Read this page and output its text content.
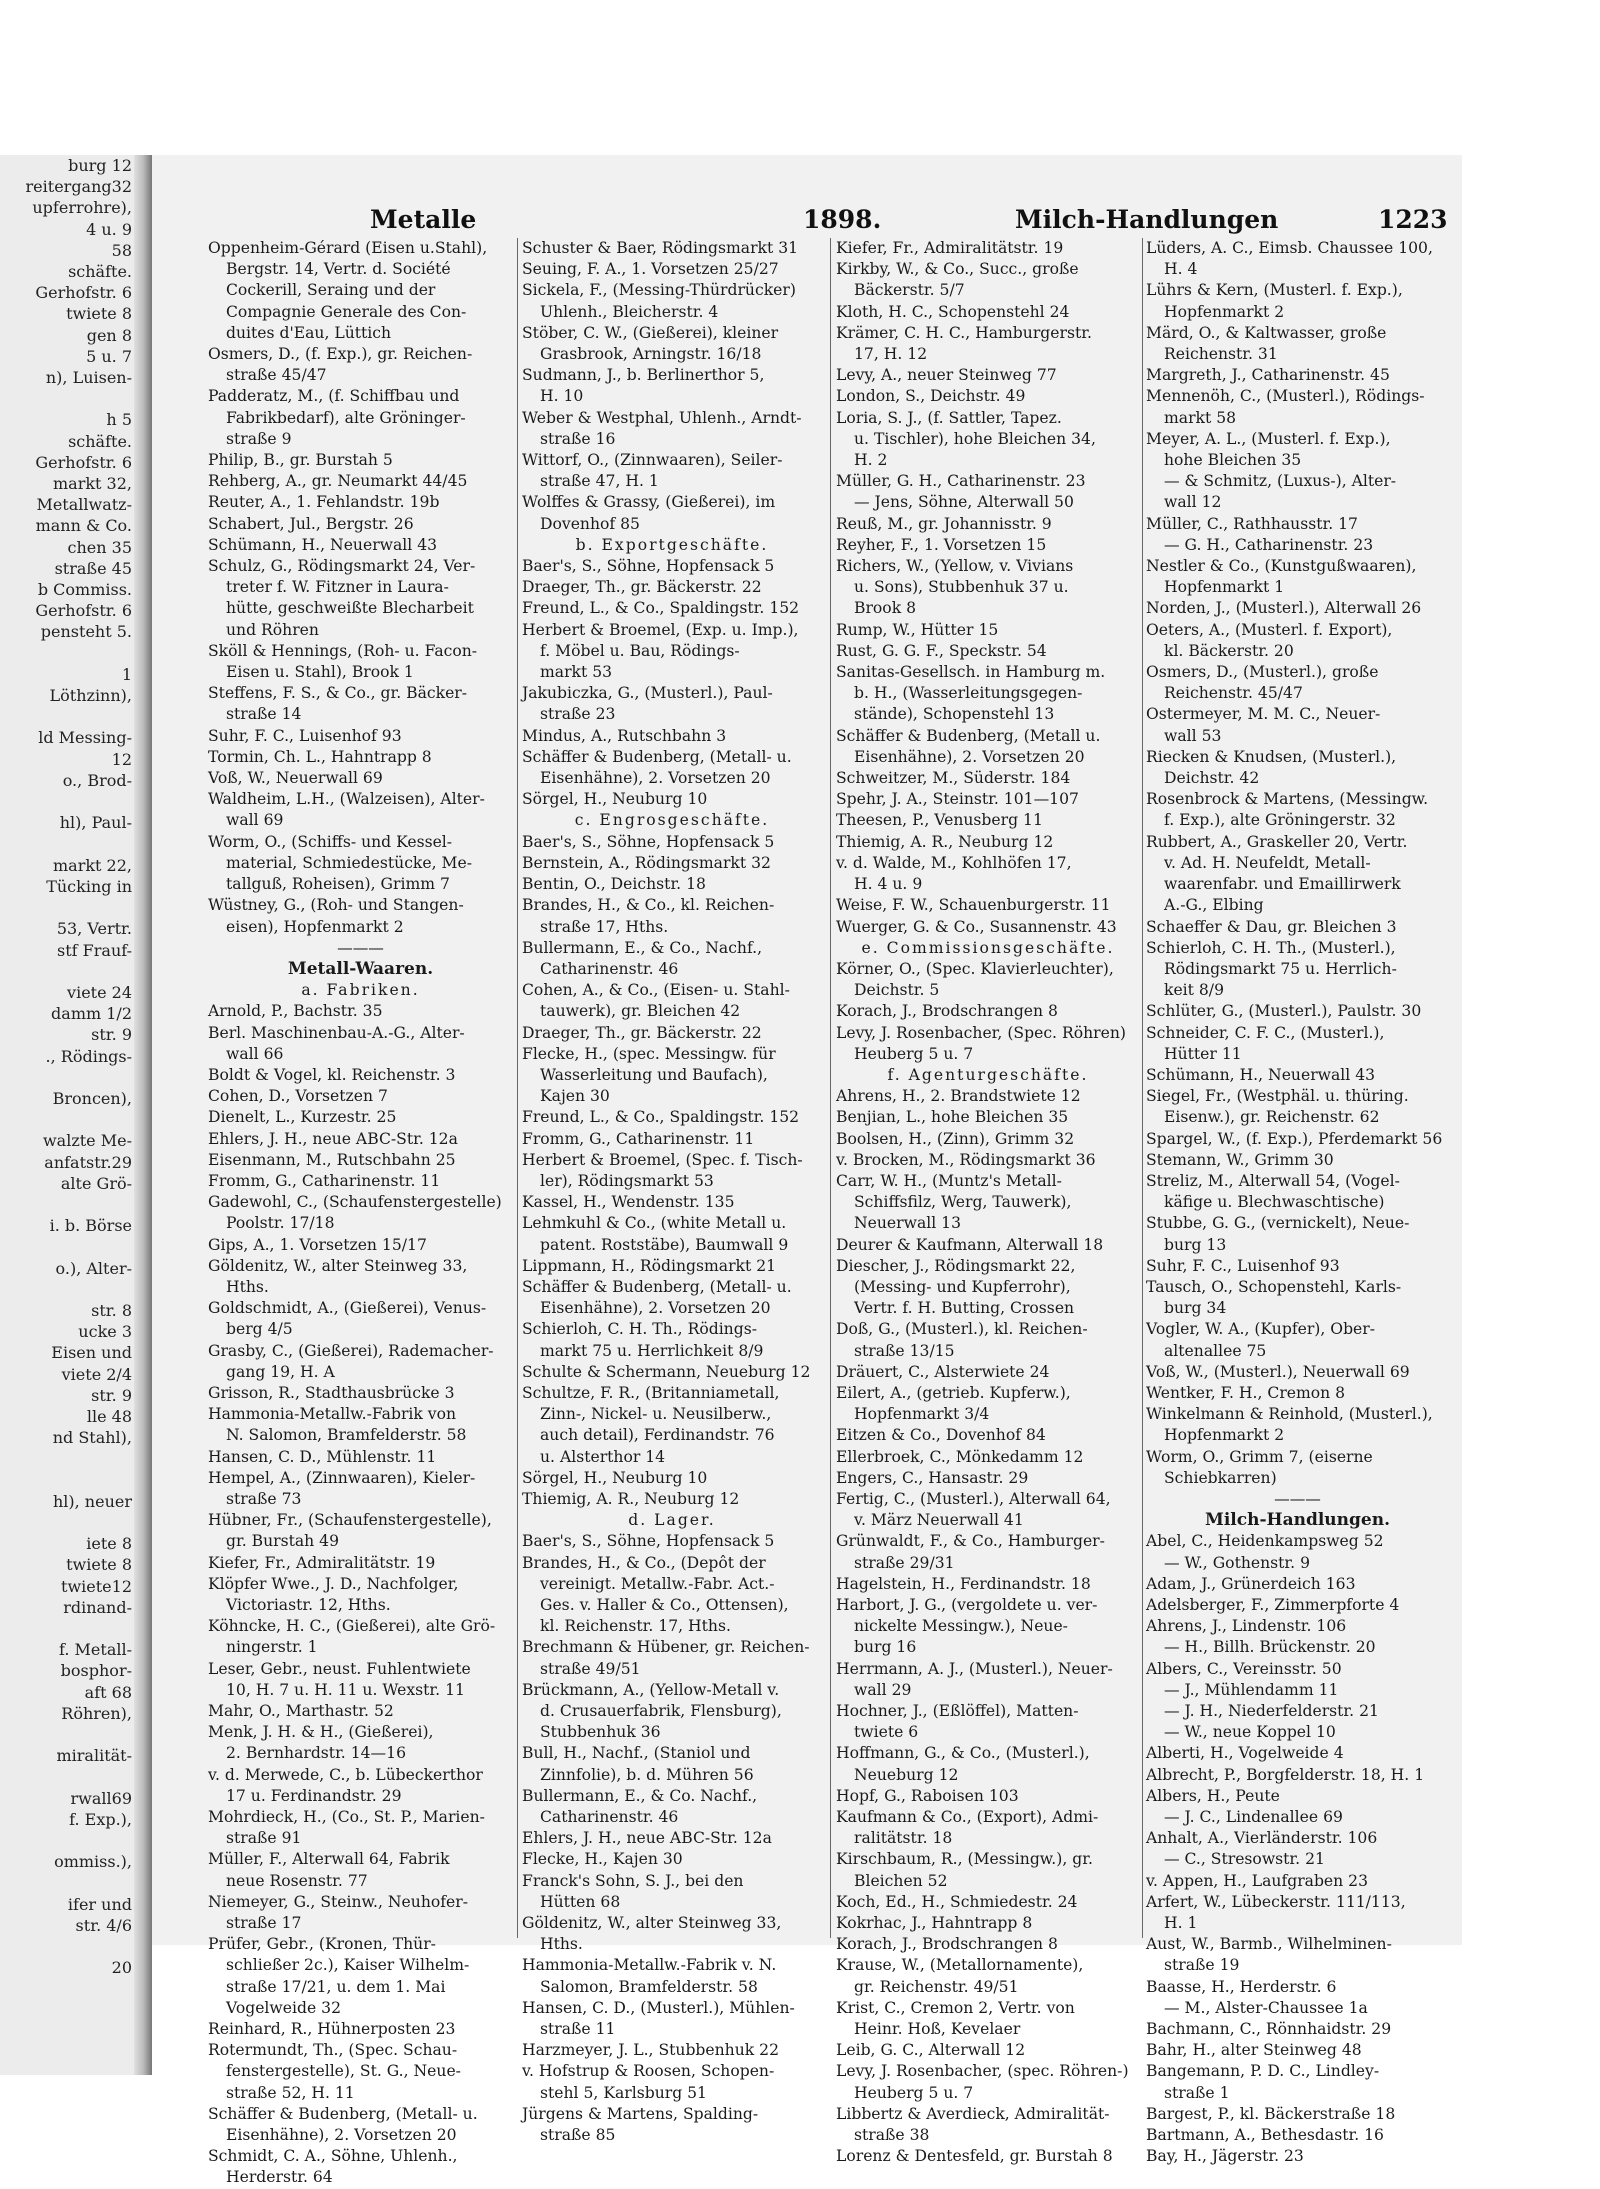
burg 12
reitergang32
upferrohre),
4 u. 9
58
schäfte.
Gerhofstr. 6
twiete 8
gen 8
5 u. 7
n), Luisen-

h 5
schäfte.
Gerhofstr. 6
markt 32,
Metallwatz-
mann & Co.
chen 35
straße 45
b Commiss.
Gerhofstr. 6
pensteht 5.

1
Löthzinn),

ld Messing-
12
o., Brod-

hl), Paul-

markt 22,
Tücking in

53, Vertr.
stf Frauf-

viete 24
damm 1/2
str. 9
., Rödings-

Broncen),

walzte Me-
anfatstr.29
alte Grö-

i. b. Börse

o.), Alter-

str. 8
ucke 3
Eisen und
viete 2/4
str. 9
lle 48
nd Stahl),

hl), neuer

iete 8
twiete 8
twiete12
rdinand-

f. Metall-
bosphor-
aft 68
Röhren),

miralität-

rwall69
f. Exp.),

ommiss.),

ifer und
str. 4/6

20
Metalle	1898.	Milch-Handlungen	1223
Oppenheim-Gérard (Eisen u.Stahl),
Bergstr. 14, Vertr. d. Société
Cockerill, Seraing und der
Compagnie Generale des Con-
duites d'Eau, Lüttich
Osmers, D., (f. Exp.), gr. Reichen-
straße 45/47
Padderatz, M., (f. Schiffbau und
Fabrikbedarf), alte Gröninger-
straße 9
Philip, B., gr. Burstah 5
Rehberg, A., gr. Neumarkt 44/45
Reuter, A., 1. Fehlandstr. 19b
Schabert, Jul., Bergstr. 26
Schümann, H., Neuerwall 43
Schulz, G., Rödingsmarkt 24, Ver-
treter f. W. Fitzner in Laura-
hütte, geschweißte Blecharbeit
und Röhren
Sköll & Hennings, (Roh- u. Facon-
Eisen u. Stahl), Brook 1
Steffens, F. S., & Co., gr. Bäcker-
straße 14
Suhr, F. C., Luisenhof 93
Tormin, Ch. L., Hahntrapp 8
Voß, W., Neuerwall 69
Waldheim, L.H., (Walzeisen), Alter-
wall 69
Worm, O., (Schiffs- und Kessel-
material, Schmiedestücke, Me-
tallguß, Roheisen), Grimm 7
Wüstney, G., (Roh- und Stangen-
eisen), Hopfenmarkt 2
———
Metall-Waaren.
a. Fabriken.
Arnold, P., Bachstr. 35
Berl. Maschinenbau-A.-G., Alter-
wall 66
Boldt & Vogel, kl. Reichenstr. 3
Cohen, D., Vorsetzen 7
Dienelt, L., Kurzestr. 25
Ehlers, J. H., neue ABC-Str. 12a
Eisenmann, M., Rutschbahn 25
Fromm, G., Catharinenstr. 11
Gadewohl, C., (Schaufenstergestelle)
Poolstr. 17/18
Gips, A., 1. Vorsetzen 15/17
Göldenitz, W., alter Steinweg 33,
Hths.
Goldschmidt, A., (Gießerei), Venus-
berg 4/5
Grasby, C., (Gießerei), Rademacher-
gang 19, H. A
Grisson, R., Stadthausbrücke 3
Hammonia-Metallw.-Fabrik von
N. Salomon, Bramfelderstr. 58
Hansen, C. D., Mühlenstr. 11
Hempel, A., (Zinnwaaren), Kieler-
straße 73
Hübner, Fr., (Schaufenstergestelle),
gr. Burstah 49
Kiefer, Fr., Admiralitätstr. 19
Klöpfer Wwe., J. D., Nachfolger,
Victoriastr. 12, Hths.
Köhncke, H. C., (Gießerei), alte Grö-
ningerstr. 1
Leser, Gebr., neust. Fuhlentwiete
10, H. 7 u. H. 11 u. Wexstr. 11
Mahr, O., Marthastr. 52
Menk, J. H. & H., (Gießerei),
2. Bernhardstr. 14—16
v. d. Merwede, C., b. Lübeckerthor
17 u. Ferdinandstr. 29
Mohrdieck, H., (Co., St. P., Marien-
straße 91
Müller, F., Alterwall 64, Fabrik
neue Rosenstr. 77
Niemeyer, G., Steinw., Neuhofer-
straße 17
Prüfer, Gebr., (Kronen, Thür-
schließer 2c.), Kaiser Wilhelm-
straße 17/21, u. dem 1. Mai
Vogelweide 32
Reinhard, R., Hühnerposten 23
Rotermundt, Th., (Spec. Schau-
fenstergestelle), St. G., Neue-
straße 52, H. 11
Schäffer & Budenberg, (Metall- u.
Eisenhähne), 2. Vorsetzen 20
Schmidt, C. A., Söhne, Uhlenh.,
Herderstr. 64
Schuster & Baer, Rödingsmarkt 31
Seuing, F. A., 1. Vorsetzen 25/27
Sickela, F., (Messing-Thürdrücker)
Uhlenh., Bleicherstr. 4
Stöber, C. W., (Gießerei), kleiner
Grasbrook, Arningstr. 16/18
Sudmann, J., b. Berlinerthor 5,
H. 10
Weber & Westphal, Uhlenh., Arndt-
straße 16
Wittorf, O., (Zinnwaaren), Seiler-
straße 47, H. 1
Wolffes & Grassy, (Gießerei), im
Dovenhof 85
b. Exportgeschäfte.
Baer's, S., Söhne, Hopfensack 5
Draeger, Th., gr. Bäckerstr. 22
Freund, L., & Co., Spaldingstr. 152
Herbert & Broemel, (Exp. u. Imp.),
f. Möbel u. Bau, Rödings-
markt 53
Jakubiczka, G., (Musterl.), Paul-
straße 23
Mindus, A., Rutschbahn 3
Schäffer & Budenberg, (Metall- u.
Eisenhähne), 2. Vorsetzen 20
Sörgel, H., Neuburg 10
c. Engrosgeschäfte.
Baer's, S., Söhne, Hopfensack 5
Bernstein, A., Rödingsmarkt 32
Bentin, O., Deichstr. 18
Brandes, H., & Co., kl. Reichen-
straße 17, Hths.
Bullermann, E., & Co., Nachf.,
Catharinenstr. 46
Cohen, A., & Co., (Eisen- u. Stahl-
tauwerk), gr. Bleichen 42
Draeger, Th., gr. Bäckerstr. 22
Flecke, H., (spec. Messingw. für
Wasserleitung und Baufach),
Kajen 30
Freund, L., & Co., Spaldingstr. 152
Fromm, G., Catharinenstr. 11
Herbert & Broemel, (Spec. f. Tisch-
ler), Rödingsmarkt 53
Kassel, H., Wendenstr. 135
Lehmkuhl & Co., (white Metall u.
patent. Roststäbe), Baumwall 9
Lippmann, H., Rödingsmarkt 21
Schäffer & Budenberg, (Metall- u.
Eisenhähne), 2. Vorsetzen 20
Schierloh, C. H. Th., Rödings-
markt 75 u. Herrlichkeit 8/9
Schulte & Schermann, Neueburg 12
Schultze, F. R., (Britanniametall,
Zinn-, Nickel- u. Neusilberw.,
auch detail), Ferdinandstr. 76
u. Alsterthor 14
Sörgel, H., Neuburg 10
Thiemig, A. R., Neuburg 12
d. Lager.
Baer's, S., Söhne, Hopfensack 5
Brandes, H., & Co., (Depôt der
vereinigt. Metallw.-Fabr. Act.-
Ges. v. Haller & Co., Ottensen),
kl. Reichenstr. 17, Hths.
Brechmann & Hübener, gr. Reichen-
straße 49/51
Brückmann, A., (Yellow-Metall v.
d. Crusauerfabrik, Flensburg),
Stubbenhuk 36
Bull, H., Nachf., (Staniol und
Zinnfolie), b. d. Mühren 56
Bullermann, E., & Co. Nachf.,
Catharinenstr. 46
Ehlers, J. H., neue ABC-Str. 12a
Flecke, H., Kajen 30
Franck's Sohn, S. J., bei den
Hütten 68
Göldenitz, W., alter Steinweg 33,
Hths.
Hammonia-Metallw.-Fabrik v. N.
Salomon, Bramfelderstr. 58
Hansen, C. D., (Musterl.), Mühlen-
straße 11
Harzmeyer, J. L., Stubbenhuk 22
v. Hofstrup & Roosen, Schopen-
stehl 5, Karlsburg 51
Jürgens & Martens, Spalding-
straße 85
Kiefer, Fr., Admiralitätstr. 19
Kirkby, W., & Co., Succ., große
Bäckerstr. 5/7
Kloth, H. C., Schopenstehl 24
Krämer, C. H. C., Hamburgerstr.
17, H. 12
Levy, A., neuer Steinweg 77
London, S., Deichstr. 49
Loria, S. J., (f. Sattler, Tapez.
u. Tischler), hohe Bleichen 34,
H. 2
Müller, G. H., Catharinenstr. 23
— Jens, Söhne, Alterwall 50
Reuß, M., gr. Johannisstr. 9
Reyher, F., 1. Vorsetzen 15
Richers, W., (Yellow, v. Vivians
u. Sons), Stubbenhuk 37 u.
Brook 8
Rump, W., Hütter 15
Rust, G. G. F., Speckstr. 54
Sanitas-Gesellsch. in Hamburg m.
b. H., (Wasserleitungsgegen-
stände), Schopenstehl 13
Schäffer & Budenberg, (Metall u.
Eisenhähne), 2. Vorsetzen 20
Schweitzer, M., Süderstr. 184
Spehr, J. A., Steinstr. 101—107
Theesen, P., Venusberg 11
Thiemig, A. R., Neuburg 12
v. d. Walde, M., Kohlhöfen 17,
H. 4 u. 9
Weise, F. W., Schauenburgerstr. 11
Wuerger, G. & Co., Susannenstr. 43
e. Commissionsgeschäfte.
Körner, O., (Spec. Klavierleuchter),
Deichstr. 5
Korach, J., Brodschrangen 8
Levy, J. Rosenbacher, (Spec. Röhren)
Heuberg 5 u. 7
f. Agenturgeschäfte.
Ahrens, H., 2. Brandstwiete 12
Benjian, L., hohe Bleichen 35
Boolsen, H., (Zinn), Grimm 32
v. Brocken, M., Rödingsmarkt 36
Carr, W. H., (Muntz's Metall-
Schiffsfilz, Werg, Tauwerk),
Neuerwall 13
Deurer & Kaufmann, Alterwall 18
Diescher, J., Rödingsmarkt 22,
(Messing- und Kupferrohr),
Vertr. f. H. Butting, Crossen
Doß, G., (Musterl.), kl. Reichen-
straße 13/15
Dräuert, C., Alsterwiete 24
Eilert, A., (getrieb. Kupferw.),
Hopfenmarkt 3/4
Eitzen & Co., Dovenhof 84
Ellerbroek, C., Mönkedamm 12
Engers, C., Hansastr. 29
Fertig, C., (Musterl.), Alterwall 64,
v. März Neuerwall 41
Grünwaldt, F., & Co., Hamburger-
straße 29/31
Hagelstein, H., Ferdinandstr. 18
Harbort, J. G., (vergoldete u. ver-
nickelte Messingw.), Neue-
burg 16
Herrmann, A. J., (Musterl.), Neuer-
wall 29
Hochner, J., (Eßlöffel), Matten-
twiete 6
Hoffmann, G., & Co., (Musterl.),
Neueburg 12
Hopf, G., Raboisen 103
Kaufmann & Co., (Export), Admi-
ralitätstr. 18
Kirschbaum, R., (Messingw.), gr.
Bleichen 52
Koch, Ed., H., Schmiedestr. 24
Kokrhac, J., Hahntrapp 8
Korach, J., Brodschrangen 8
Krause, W., (Metallornamente),
gr. Reichenstr. 49/51
Krist, C., Cremon 2, Vertr. von
Heinr. Hoß, Kevelaer
Leib, G. C., Alterwall 12
Levy, J. Rosenbacher, (spec. Röhren-)
Heuberg 5 u. 7
Libbertz & Averdieck, Admiralität-
straße 38
Lorenz & Dentesfeld, gr. Burstah 8
Lüders, A. C., Eimsb. Chaussee 100,
H. 4
Lührs & Kern, (Musterl. f. Exp.),
Hopfenmarkt 2
Märd, O., & Kaltwasser, große
Reichenstr. 31
Margreth, J., Catharinenstr. 45
Mennenöh, C., (Musterl.), Rödings-
markt 58
Meyer, A. L., (Musterl. f. Exp.),
hohe Bleichen 35
— & Schmitz, (Luxus-), Alter-
wall 12
Müller, C., Rathhausstr. 17
— G. H., Catharinenstr. 23
Nestler & Co., (Kunstgußwaaren),
Hopfenmarkt 1
Norden, J., (Musterl.), Alterwall 26
Oeters, A., (Musterl. f. Export),
kl. Bäckerstr. 20
Osmers, D., (Musterl.), große
Reichenstr. 45/47
Ostermeyer, M. M. C., Neuer-
wall 53
Riecken & Knudsen, (Musterl.),
Deichstr. 42
Rosenbrock & Martens, (Messingw.
f. Exp.), alte Gröningerstr. 32
Rubbert, A., Graskeller 20, Vertr.
v. Ad. H. Neufeldt, Metall-
waarenfabr. und Emaillirwerk
A.-G., Elbing
Schaeffer & Dau, gr. Bleichen 3
Schierloh, C. H. Th., (Musterl.),
Rödingsmarkt 75 u. Herrlich-
keit 8/9
Schlüter, G., (Musterl.), Paulstr. 30
Schneider, C. F. C., (Musterl.),
Hütter 11
Schümann, H., Neuerwall 43
Siegel, Fr., (Westphäl. u. thüring.
Eisenw.), gr. Reichenstr. 62
Spargel, W., (f. Exp.), Pferdemarkt 56
Stemann, W., Grimm 30
Streliz, M., Alterwall 54, (Vogel-
käfige u. Blechwaschtische)
Stubbe, G. G., (vernickelt), Neue-
burg 13
Suhr, F. C., Luisenhof 93
Tausch, O., Schopenstehl, Karls-
burg 34
Vogler, W. A., (Kupfer), Ober-
altenallee 75
Voß, W., (Musterl.), Neuerwall 69
Wentker, F. H., Cremon 8
Winkelmann & Reinhold, (Musterl.),
Hopfenmarkt 2
Worm, O., Grimm 7, (eiserne
Schiebkarren)
———
Milch-Handlungen.
Abel, C., Heidenkampsweg 52
— W., Gothenstr. 9
Adam, J., Grünerdeich 163
Adelsberger, F., Zimmerpforte 4
Ahrens, J., Lindenstr. 106
— H., Billh. Brückenstr. 20
Albers, C., Vereinsstr. 50
— J., Mühlendamm 11
— J. H., Niederfelderstr. 21
— W., neue Koppel 10
Alberti, H., Vogelweide 4
Albrecht, P., Borgfelderstr. 18, H. 1
Albers, H., Peute
— J. C., Lindenallee 69
Anhalt, A., Vierländerstr. 106
— C., Stresowstr. 21
v. Appen, H., Laufgraben 23
Arfert, W., Lübeckerstr. 111/113,
H. 1
Aust, W., Barmb., Wilhelminen-
straße 19
Baasse, H., Herderstr. 6
— M., Alster-Chaussee 1a
Bachmann, C., Rönnhaidstr. 29
Bahr, H., alter Steinweg 48
Bangemann, P. D. C., Lindley-
straße 1
Bargest, P., kl. Bäckerstraße 18
Bartmann, A., Bethesdastr. 16
Bay, H., Jägerstr. 23
